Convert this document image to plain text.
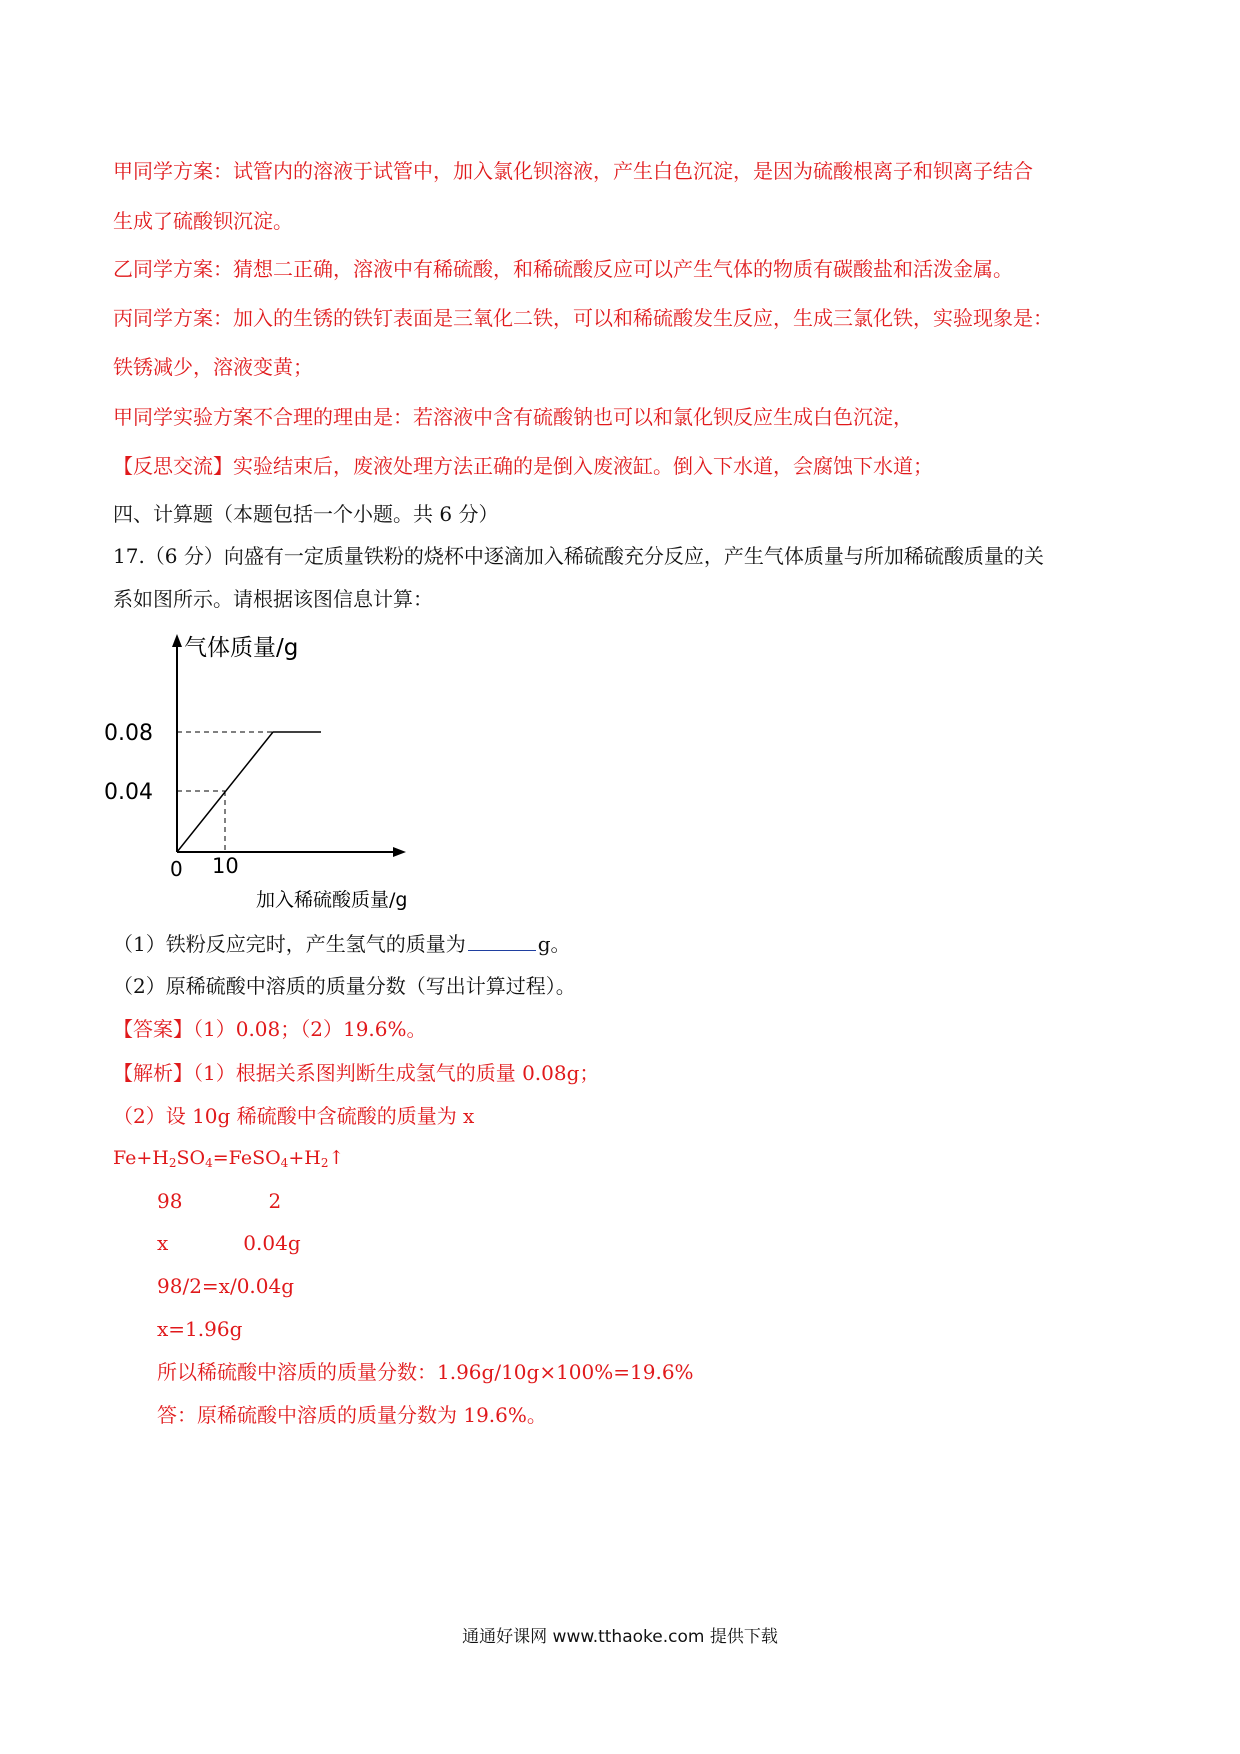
甲同学方案：试管内的溶液于试管中，加入氯化钡溶液，产生白色沉淀，是因为硫酸根离子和钡离子结合
生成了硫酸钡沉淀。
乙同学方案：猜想二正确，溶液中有稀硫酸，和稀硫酸反应可以产生气体的物质有碳酸盐和活泼金属。
丙同学方案：加入的生锈的铁钉表面是三氧化二铁，可以和稀硫酸发生反应，生成三氯化铁，实验现象是：
铁锈减少，溶液变黄；
甲同学实验方案不合理的理由是：若溶液中含有硫酸钠也可以和氯化钡反应生成白色沉淀，
【反思交流】实验结束后，废液处理方法正确的是倒入废液缸。倒入下水道，会腐蚀下水道；
四、计算题（本题包括一个小题。共 6 分）
17.（6 分）向盛有一定质量铁粉的烧杯中逐滴加入稀硫酸充分反应，产生气体质量与所加稀硫酸质量的关
系如图所示。请根据该图信息计算：
气体质量/g
0.08
0.04
0 10
加入稀硫酸质量/g
（1）铁粉反应完时，产生氢气的质量为	g。
（2）原稀硫酸中溶质的质量分数（写出计算过程）。
【答案】（1）0.08；（2）19.6%。
【解析】（1）根据关系图判断生成氢气的质量 0.08g；
（2）设 10g 稀硫酸中含硫酸的质量为 x
$Fe+H_2SO_4=FeSO_4+H_2↑$
98	2
x	0.04g
98/2=x/0.04g
x=1.96g
所以稀硫酸中溶质的质量分数：1.96g/10g×100%=19.6%
答：原稀硫酸中溶质的质量分数为 19.6%。
通通好课网 www.tthaoke.com 提供下载
